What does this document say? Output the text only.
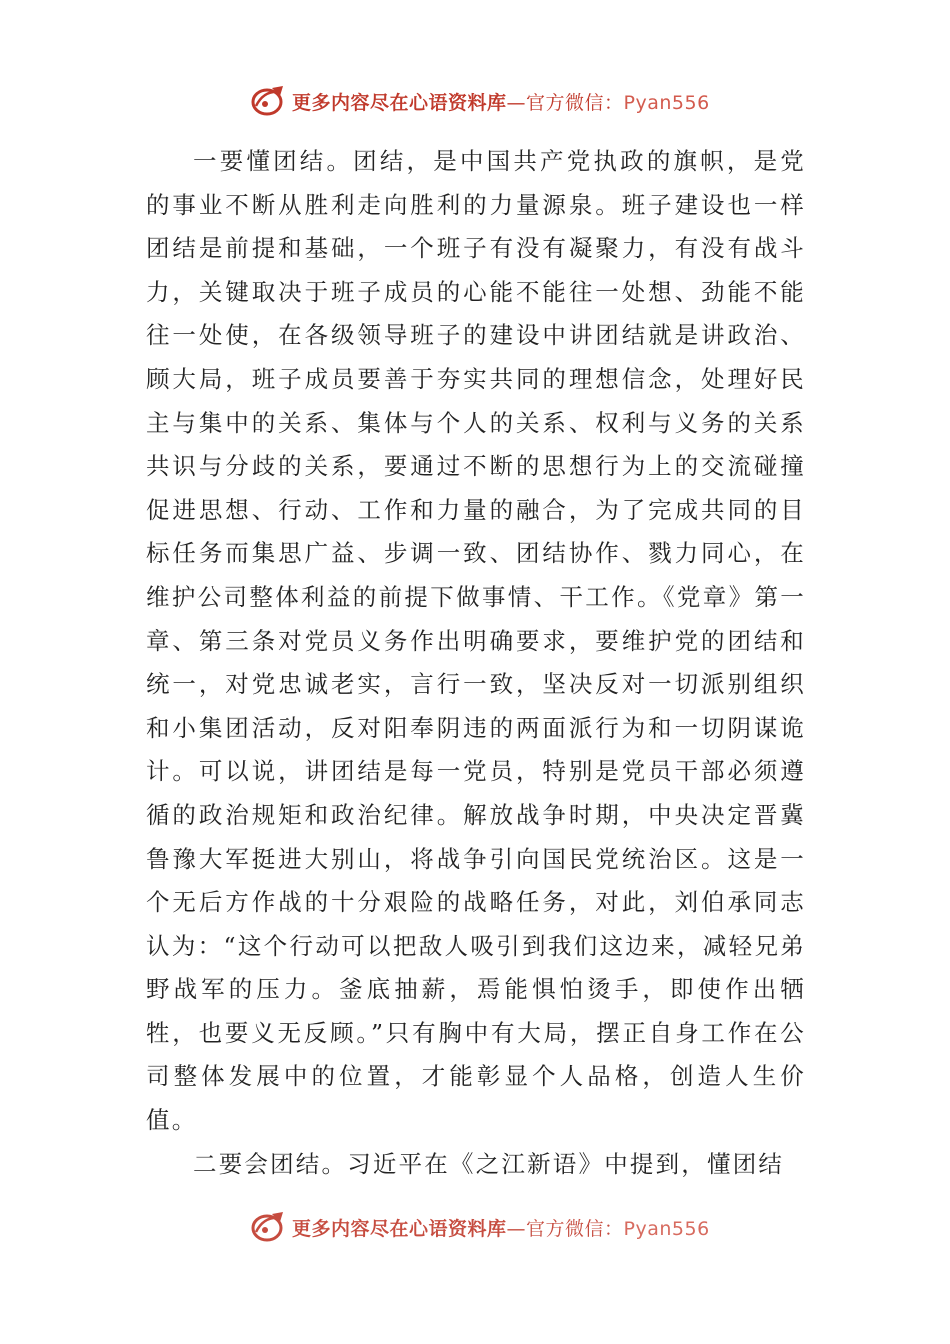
更多内容尽在心语资料库—官方微信：Pyan556

一要懂团结。团结，是中国共产党执政的旗帜，是党的事业不断从胜利走向胜利的力量源泉。班子建设也一样团结是前提和基础，一个班子有没有凝聚力，有没有战斗力，关键取决于班子成员的心能不能往一处想、劲能不能往一处使，在各级领导班子的建设中讲团结就是讲政治、顾大局，班子成员要善于夯实共同的理想信念，处理好民主与集中的关系、集体与个人的关系、权利与义务的关系共识与分歧的关系，要通过不断的思想行为上的交流碰撞促进思想、行动、工作和力量的融合，为了完成共同的目标任务而集思广益、步调一致、团结协作、戮力同心，在维护公司整体利益的前提下做事情、干工作。《党章》第一章、第三条对党员义务作出明确要求，要维护党的团结和统一，对党忠诚老实，言行一致，坚决反对一切派别组织和小集团活动，反对阳奉阴违的两面派行为和一切阴谋诡计。可以说，讲团结是每一党员，特别是党员干部必须遵循的政治规矩和政治纪律。解放战争时期，中央决定晋冀鲁豫大军挺进大别山，将战争引向国民党统治区。这是一个无后方作战的十分艰险的战略任务，对此，刘伯承同志认为：“这个行动可以把敌人吸引到我们这边来，减轻兄弟野战军的压力。釜底抽薪，焉能惧怕烫手，即使作出牺牲，也要义无反顾。”只有胸中有大局，摆正自身工作在公司整体发展中的位置，才能彰显个人品格，创造人生价值。

二要会团结。习近平在《之江新语》中提到，懂团结

更多内容尽在心语资料库—官方微信：Pyan556
